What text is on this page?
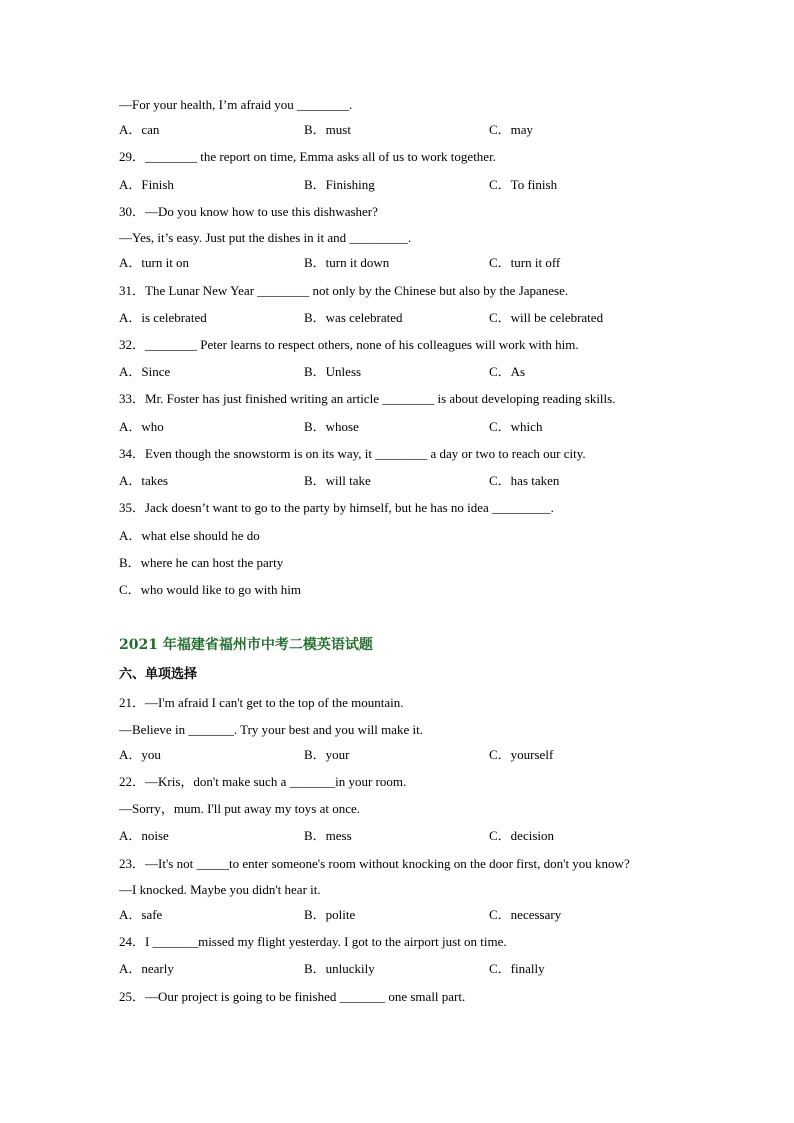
—For your health, I’m afraid you ________.
A．can	B．must	C．may
29．________ the report on time, Emma asks all of us to work together.
A．Finish	B．Finishing	C．To finish
30．—Do you know how to use this dishwasher?
—Yes, it’s easy. Just put the dishes in it and _________.
A．turn it on	B．turn it down	C．turn it off
31．The Lunar New Year ________ not only by the Chinese but also by the Japanese.
A．is celebrated	B．was celebrated	C．will be celebrated
32．________ Peter learns to respect others, none of his colleagues will work with him.
A．Since	B．Unless	C．As
33．Mr. Foster has just finished writing an article ________ is about developing reading skills.
A．who	B．whose	C．which
34．Even though the snowstorm is on its way, it ________ a day or two to reach our city.
A．takes	B．will take	C．has taken
35．Jack doesn’t want to go to the party by himself, but he has no idea _________.
A．what else should he do
B．where he can host the party
C．who would like to go with him
2021 年福建省福州市中考二模英语试题
六、单项选择
21．—I'm afraid I can't get to the top of the mountain.
—Believe in _______. Try your best and you will make it.
A．you	B．your	C．yourself
22．—Kris，don't make such a _______in your room.
—Sorry，mum. I'll put away my toys at once.
A．noise	B．mess	C．decision
23．—It's not _____to enter someone's room without knocking on the door first, don't you know?
—I knocked. Maybe you didn't hear it.
A．safe	B．polite	C．necessary
24．I _______missed my flight yesterday. I got to the airport just on time.
A．nearly	B．unluckily	C．finally
25．—Our project is going to be finished _______ one small part.
